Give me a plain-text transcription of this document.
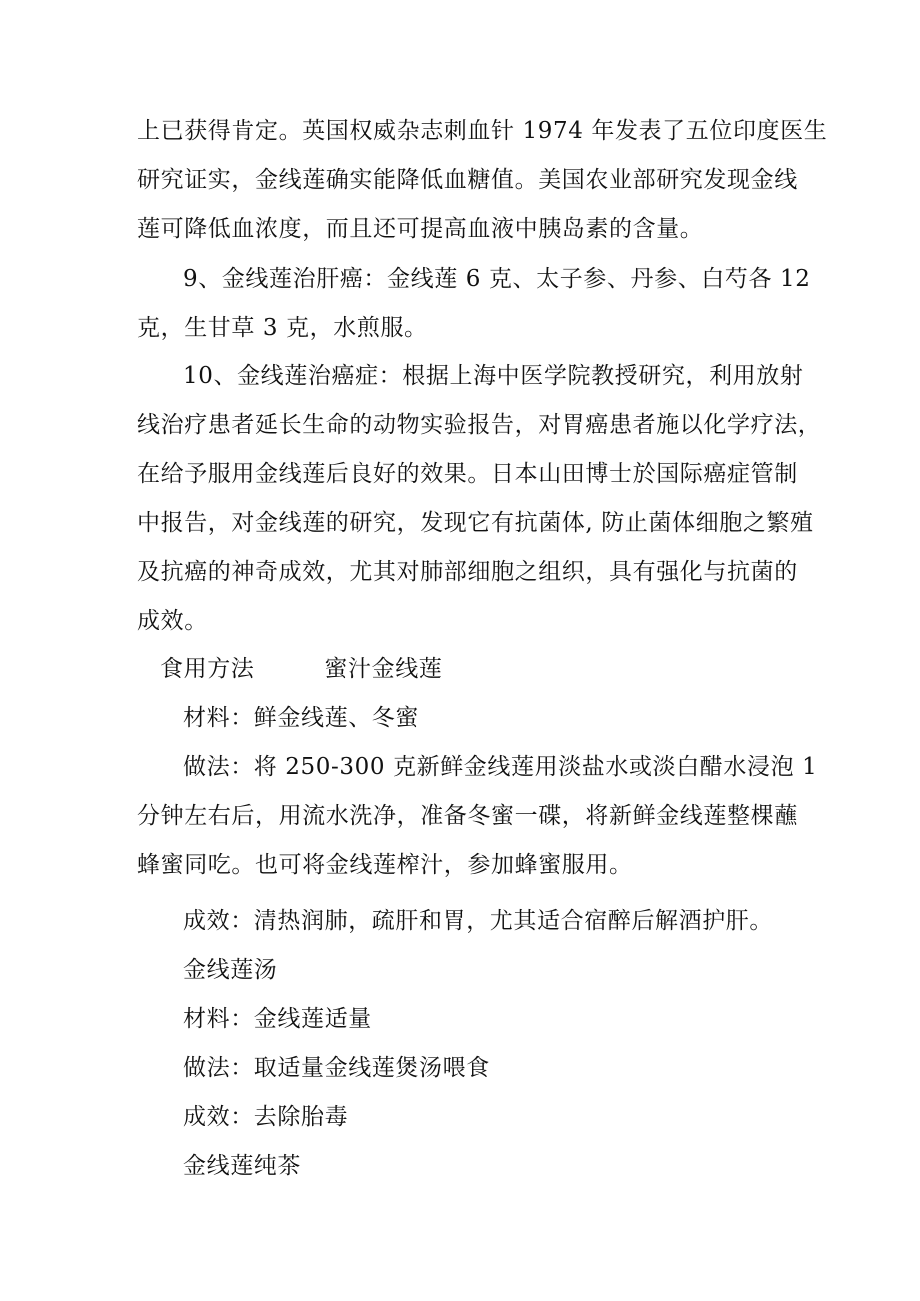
上已获得肯定。英国权威杂志刺血针 1974 年发表了五位印度医生
研究证实，金线莲确实能降低血糖值。美国农业部研究发现金线
莲可降低血浓度，而且还可提高血液中胰岛素的含量。
9、金线莲治肝癌：金线莲 6 克、太子参、丹参、白芍各 12
克，生甘草 3 克，水煎服。
10、金线莲治癌症：根据上海中医学院教授研究，利用放射
线治疗患者延长生命的动物实验报告，对胃癌患者施以化学疗法，
在给予服用金线莲后良好的效果。日本山田博士於国际癌症管制
中报告，对金线莲的研究，发现它有抗菌体, 防止菌体细胞之繁殖
及抗癌的神奇成效，尤其对肺部细胞之组织，具有强化与抗菌的
成效。
食用方法	蜜汁金线莲
材料：鲜金线莲、冬蜜
做法：将 250-300 克新鲜金线莲用淡盐水或淡白醋水浸泡 1
分钟左右后，用流水洗净，准备冬蜜一碟，将新鲜金线莲整棵蘸
蜂蜜同吃。也可将金线莲榨汁，参加蜂蜜服用。
成效：清热润肺，疏肝和胃，尤其适合宿醉后解酒护肝。
金线莲汤
材料：金线莲适量
做法：取适量金线莲煲汤喂食
成效：去除胎毒
金线莲纯茶
